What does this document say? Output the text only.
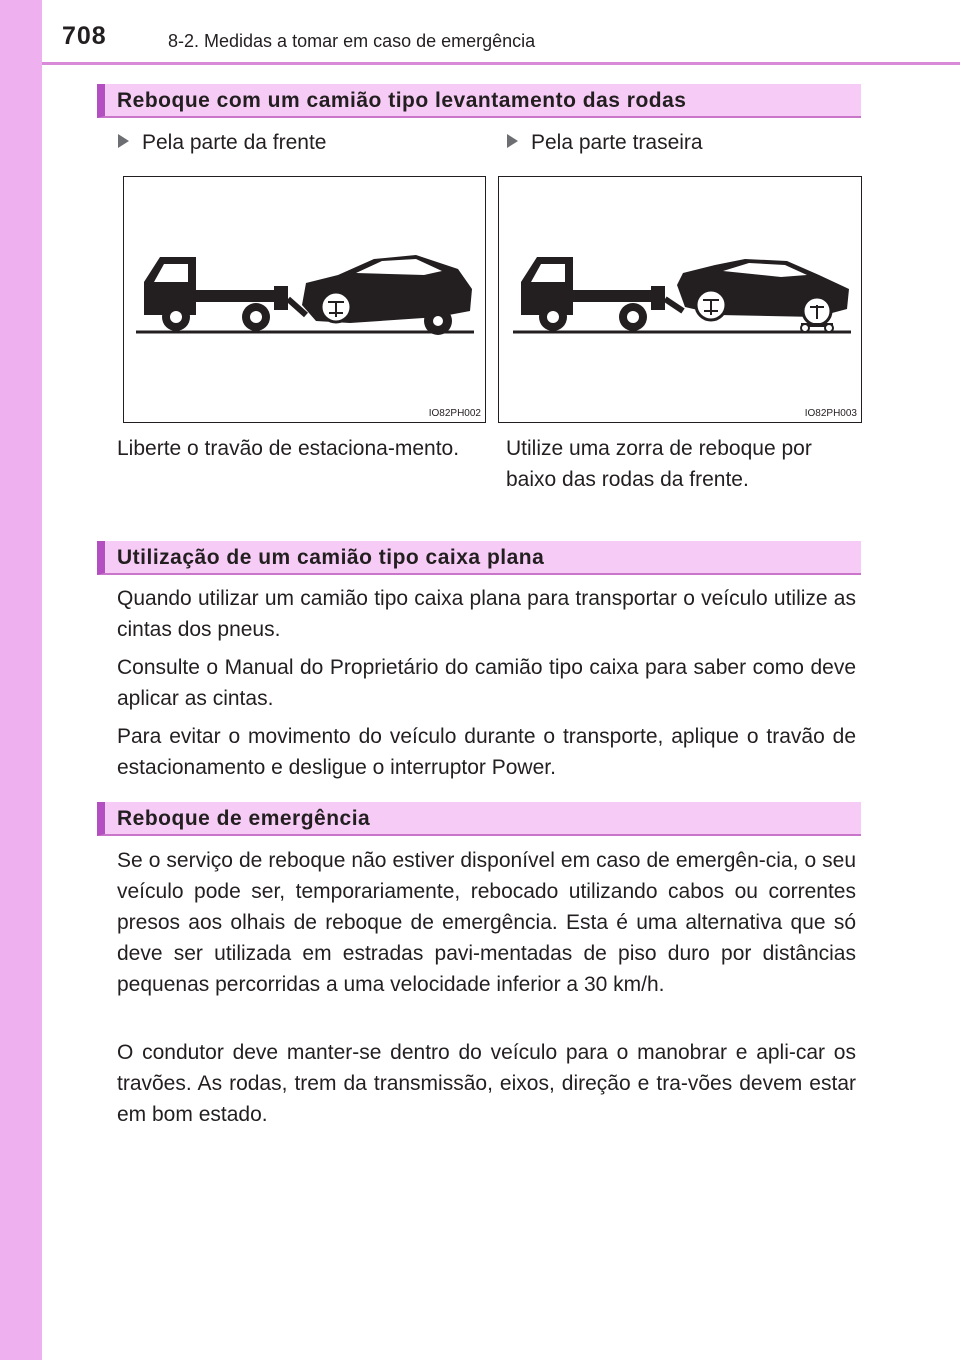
708	8-2. Medidas a tomar em caso de emergência
Reboque com um camião tipo levantamento das rodas
Pela parte da frente	Pela parte traseira
IO82PH002	IO82PH003

Liberte o travão de estaciona-mento.	Utilize uma zorra de reboque por baixo das rodas da frente.

Utilização de um camião tipo caixa plana

Quando utilizar um camião tipo caixa plana para transportar o veículo utilize as cintas dos pneus.

Consulte o Manual do Proprietário do camião tipo caixa para saber como deve aplicar as cintas.

Para evitar o movimento do veículo durante o transporte, aplique o travão de estacionamento e desligue o interruptor Power.

Reboque de emergência

Se o serviço de reboque não estiver disponível em caso de emergên-cia, o seu veículo pode ser, temporariamente, rebocado utilizando cabos ou correntes presos aos olhais de reboque de emergência. Esta é uma alternativa que só deve ser utilizada em estradas pavi-mentadas de piso duro por distâncias pequenas percorridas a uma velocidade inferior a 30 km/h.

O condutor deve manter-se dentro do veículo para o manobrar e apli-car os travões. As rodas, trem da transmissão, eixos, direção e tra-vões devem estar em bom estado.
